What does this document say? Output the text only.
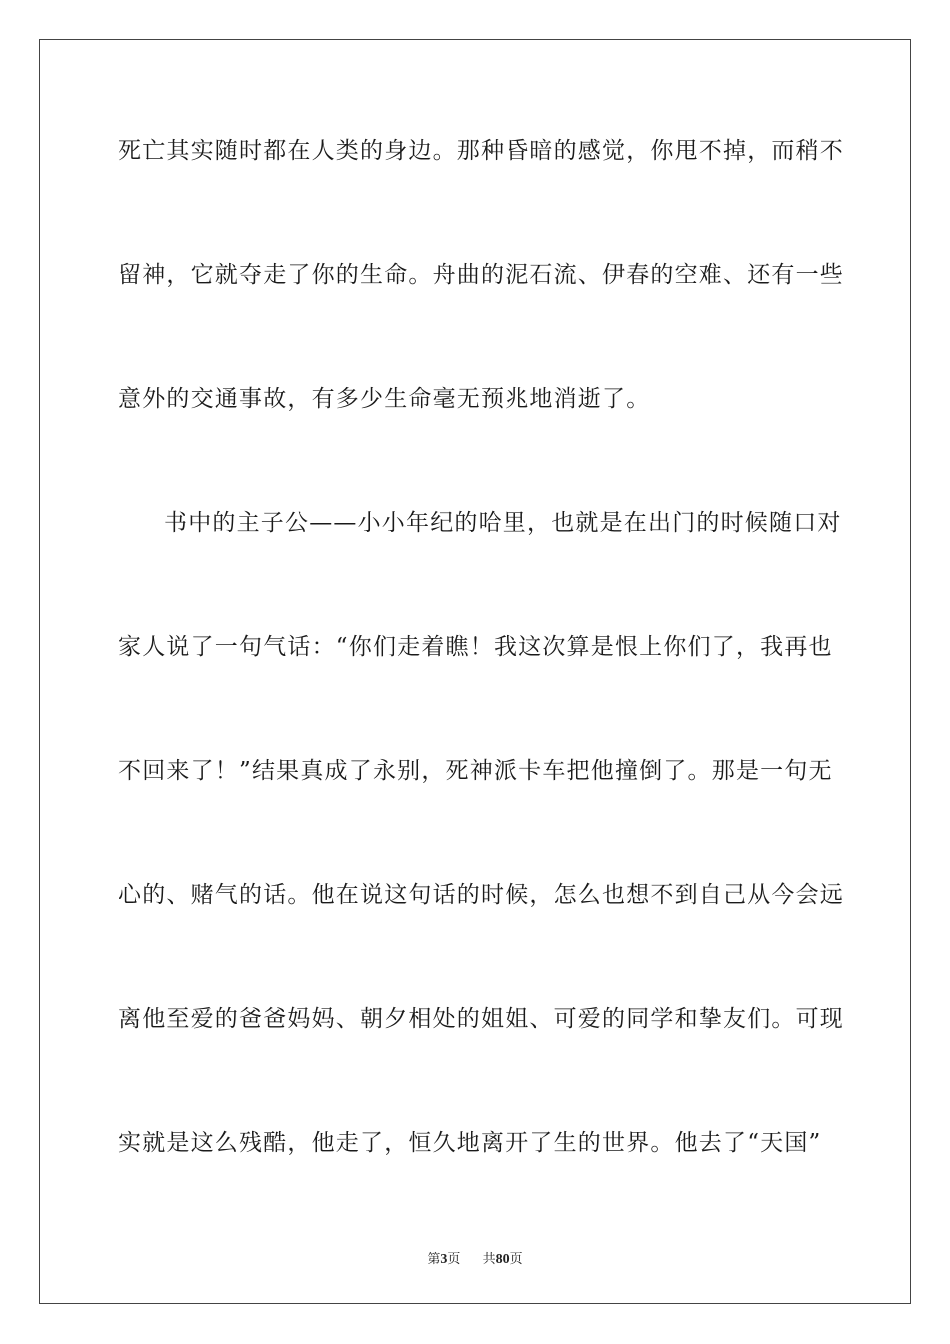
死亡其实随时都在人类的身边。那种昏暗的感觉，你甩不掉，而稍不
留神，它就夺走了你的生命。舟曲的泥石流、伊春的空难、还有一些
意外的交通事故，有多少生命毫无预兆地消逝了。
书中的主子公——小小年纪的哈里，也就是在出门的时候随口对
家人说了一句气话：“你们走着瞧！我这次算是恨上你们了，我再也
不回来了！”结果真成了永别，死神派卡车把他撞倒了。那是一句无
心的、赌气的话。他在说这句话的时候，怎么也想不到自己从今会远
离他至爱的爸爸妈妈、朝夕相处的姐姐、可爱的同学和挚友们。可现
实就是这么残酷，他走了，恒久地离开了生的世界。他去了“天国”
第3页 共80页
